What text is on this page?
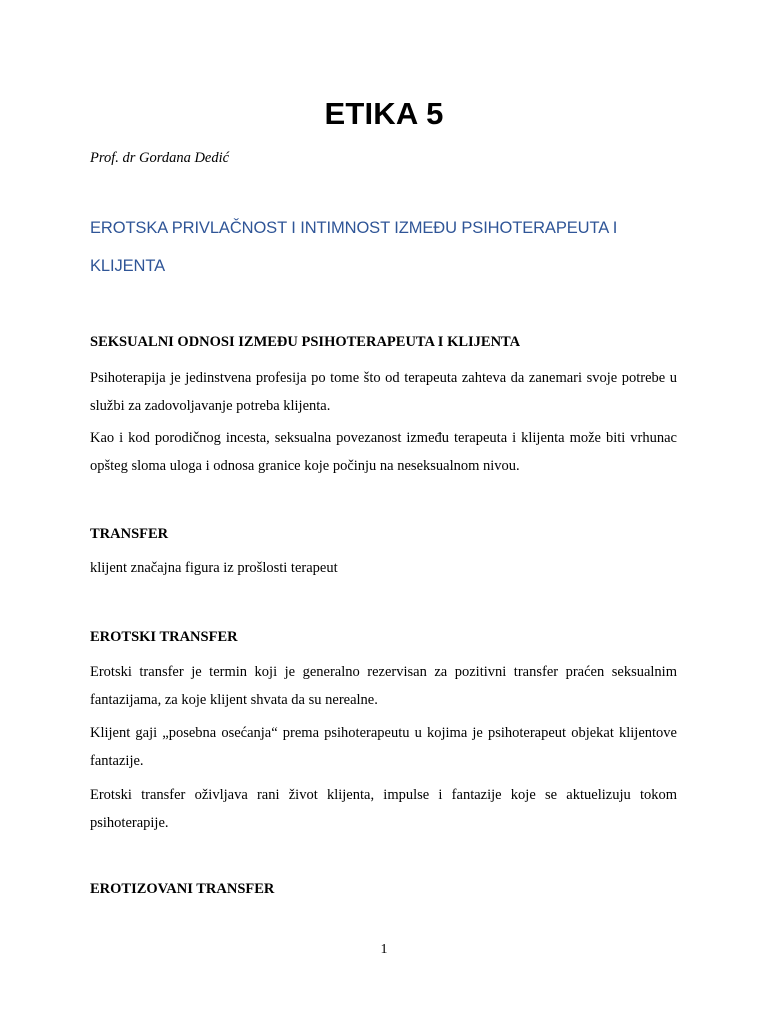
ETIKA 5

Prof. dr Gordana Dedić

EROTSKA PRIVLAČNOST I INTIMNOST IZMEĐU PSIHOTERAPEUTA I KLIJENTA
SEKSUALNI ODNOSI IZMEĐU PSIHOTERAPEUTA I KLIJENTA

Psihoterapija je jedinstvena profesija po tome što od terapeuta zahteva da zanemari svoje potrebe u službi za zadovoljavanje potreba klijenta.

Kao i kod porodičnog incesta, seksualna povezanost između terapeuta i klijenta može biti vrhunac opšteg sloma uloga i odnosa granice koje počinju na neseksualnom nivou.

TRANSFER

klijent značajna figura iz prošlosti terapeut

EROTSKI TRANSFER

Erotski transfer je termin koji je generalno rezervisan za pozitivni transfer praćen seksualnim fantazijama, za koje klijent shvata da su nerealne.

Klijent gaji „posebna osećanja“ prema psihoterapeutu u kojima je psihoterapeut objekat klijentove fantazije.

Erotski transfer oživljava rani život klijenta, impulse i fantazije koje se aktuelizuju tokom psihoterapije.

EROTIZOVANI TRANSFER

1
